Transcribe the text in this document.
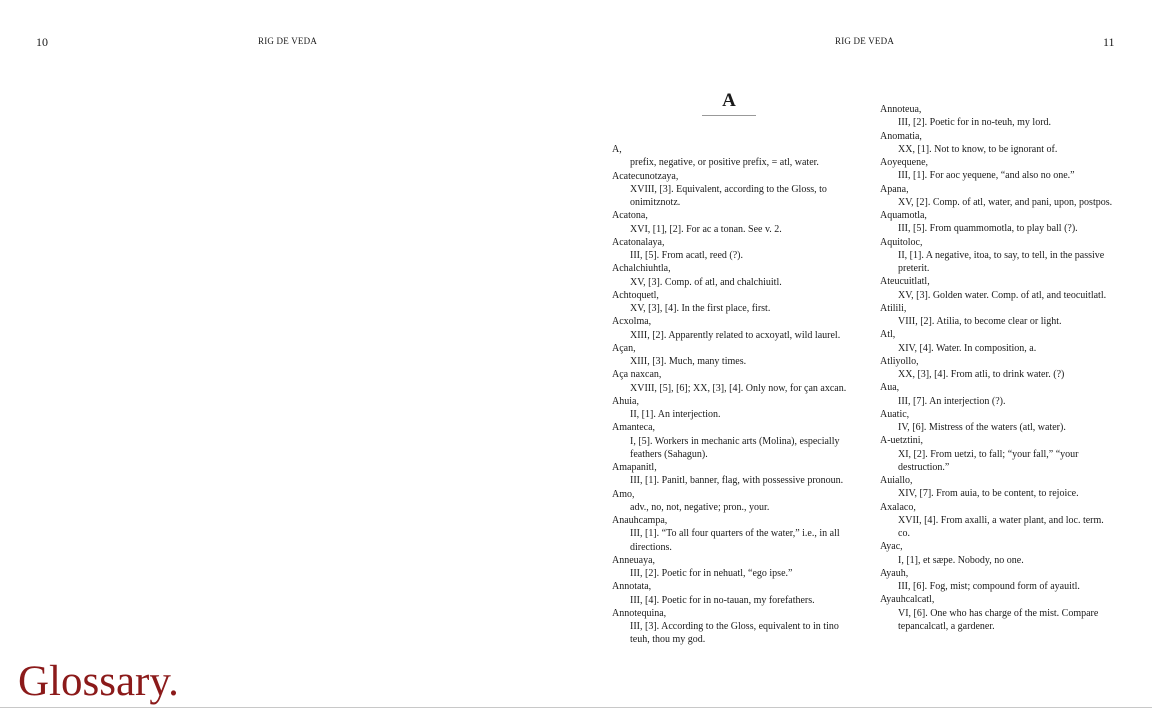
10	RIG DE VEDA	RIG DE VEDA	11
A
A,
prefix, negative, or positive prefix, = atl, water.
Acatecunotzaya,
XVIII, [3]. Equivalent, according to the Gloss, to onimitznotz.
Acatona,
XVI, [1], [2]. For ac a tonan. See v. 2.
Acatonalaya,
III, [5]. From acatl, reed (?).
Achalchiuhtla,
XV, [3]. Comp. of atl, and chalchiuitl.
Achtoquetl,
XV, [3], [4]. In the first place, first.
Acxolma,
XIII, [2]. Apparently related to acxoyatl, wild laurel.
Açan,
XIII, [3]. Much, many times.
Aça naxcan,
XVIII, [5], [6]; XX, [3], [4]. Only now, for çan axcan.
Ahuia,
II, [1]. An interjection.
Amanteca,
I, [5]. Workers in mechanic arts (Molina), especially feathers (Sahagun).
Amapanitl,
III, [1]. Panitl, banner, flag, with possessive pronoun.
Amo,
adv., no, not, negative; pron., your.
Anauhcampa,
III, [1]. “To all four quarters of the water,” i.e., in all directions.
Anneuaya,
III, [2]. Poetic for in nehuatl, “ego ipse.”
Annotata,
III, [4]. Poetic for in no-tauan, my forefathers.
Annotequina,
III, [3]. According to the Gloss, equivalent to in tino teuh, thou my god.
Annoteua,
III, [2]. Poetic for in no-teuh, my lord.
Anomatia,
XX, [1]. Not to know, to be ignorant of.
Aoyequene,
III, [1]. For aoc yequene, “and also no one.”
Apana,
XV, [2]. Comp. of atl, water, and pani, upon, postpos.
Aquamotla,
III, [5]. From quammomotla, to play ball (?).
Aquitoloc,
II, [1]. A negative, itoa, to say, to tell, in the passive preterit.
Ateucuitlatl,
XV, [3]. Golden water. Comp. of atl, and teocuitlatl.
Atilili,
VIII, [2]. Atilia, to become clear or light.
Atl,
XIV, [4]. Water. In composition, a.
Atliyollo,
XX, [3], [4]. From atli, to drink water. (?)
Aua,
III, [7]. An interjection (?).
Auatic,
IV, [6]. Mistress of the waters (atl, water).
A-uetztini,
XI, [2]. From uetzi, to fall; “your fall,” “your destruction.”
Auiallo,
XIV, [7]. From auia, to be content, to rejoice.
Axalaco,
XVII, [4]. From axalli, a water plant, and loc. term. co.
Ayac,
I, [1], et sæpe. Nobody, no one.
Ayauh,
III, [6]. Fog, mist; compound form of ayauitl.
Ayauhcalcatl,
VI, [6]. One who has charge of the mist. Compare tepancalcatl, a gardener.
Glossary.
